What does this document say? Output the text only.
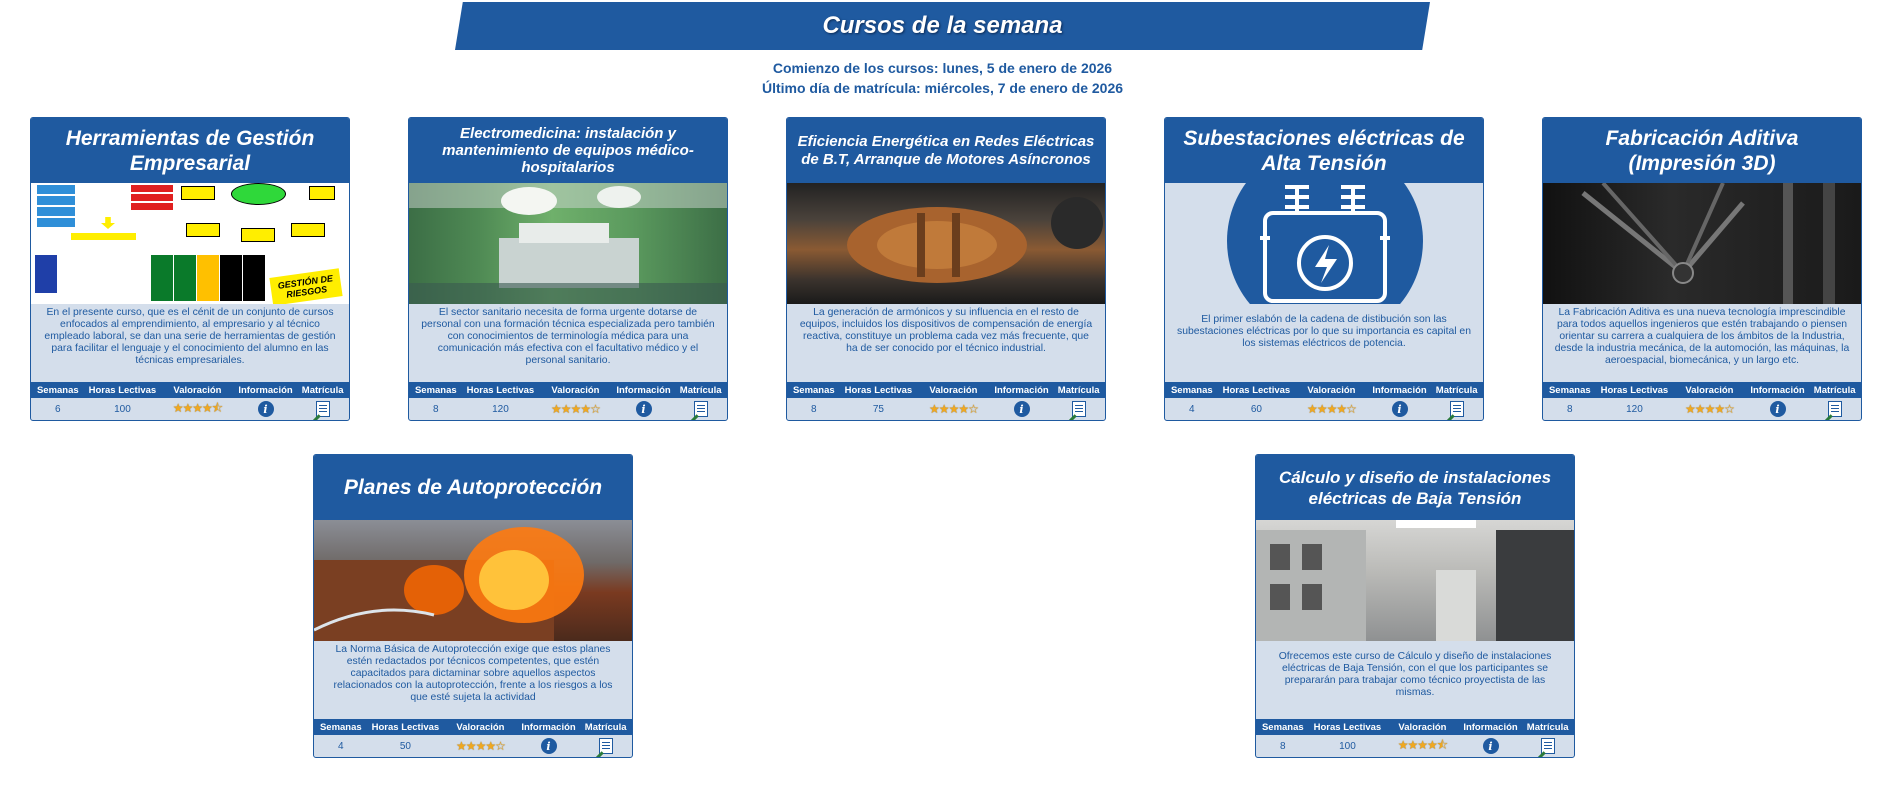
Cursos de la semana
Comienzo de los cursos: lunes, 5 de enero de 2026
Último día de matrícula: miércoles, 7 de enero de 2026
Herramientas de Gestión Empresarial
GESTIÓN DE RIESGOS
En el presente curso, que es el cénit de un conjunto de cursos enfocados al emprendimiento, al empresario y al técnico empleado laboral, se dan una serie de herramientas de gestión para facilitar el lenguaje y el conocimiento del alumno en las técnicas empresariales.
Semanas	Horas Lectivas	Valoración	Información Matrícula
6	100	★★★★⯪	i
Electromedicina: instalación y mantenimiento de equipos médico-hospitalarios
El sector sanitario necesita de forma urgente dotarse de personal con una formación técnica especializada pero también con conocimientos de terminología médica para una comunicación más efectiva con el facultativo médico y el personal sanitario.
Semanas	Horas Lectivas	Valoración	Información Matrícula
8	120	★★★★☆	i
Eficiencia Energética en Redes Eléctricas de B.T, Arranque de Motores Asíncronos
La generación de armónicos y su influencia en el resto de equipos, incluidos los dispositivos de compensación de energía reactiva, constituye un problema cada vez más frecuente, que ha de ser conocido por el técnico industrial.
Semanas	Horas Lectivas	Valoración	Información Matrícula
8	75	★★★★☆	i
Subestaciones eléctricas de Alta Tensión
El primer eslabón de la cadena de distibución son las subestaciones eléctricas por lo que su importancia es capital en los sistemas eléctricos de potencia.
Semanas	Horas Lectivas	Valoración	Información Matrícula
4	60	★★★★☆	i
Fabricación Aditiva (Impresión 3D)
La Fabricación Aditiva es una nueva tecnología imprescindible para todos aquellos ingenieros que estén trabajando o piensen orientar su carrera a cualquiera de los ámbitos de la Industria, desde la industria mecánica, de la automoción, las máquinas, la aeroespacial, biomecánica, y un largo etc.
Semanas	Horas Lectivas	Valoración	Información Matrícula
8	120	★★★★☆	i
Planes de Autoprotección
La Norma Básica de Autoprotección exige que estos planes estén redactados por técnicos competentes, que estén capacitados para dictaminar sobre aquellos aspectos relacionados con la autoprotección, frente a los riesgos a los que esté sujeta la actividad
Semanas	Horas Lectivas	Valoración	Información Matrícula
4	50	★★★★☆	i
Cálculo y diseño de instalaciones eléctricas de Baja Tensión
Ofrecemos este curso de Cálculo y diseño de instalaciones eléctricas de Baja Tensión, con el que los participantes se prepararán para trabajar como técnico proyectista de las mismas.
Semanas	Horas Lectivas	Valoración	Información Matrícula
8	100	★★★★⯪	i
